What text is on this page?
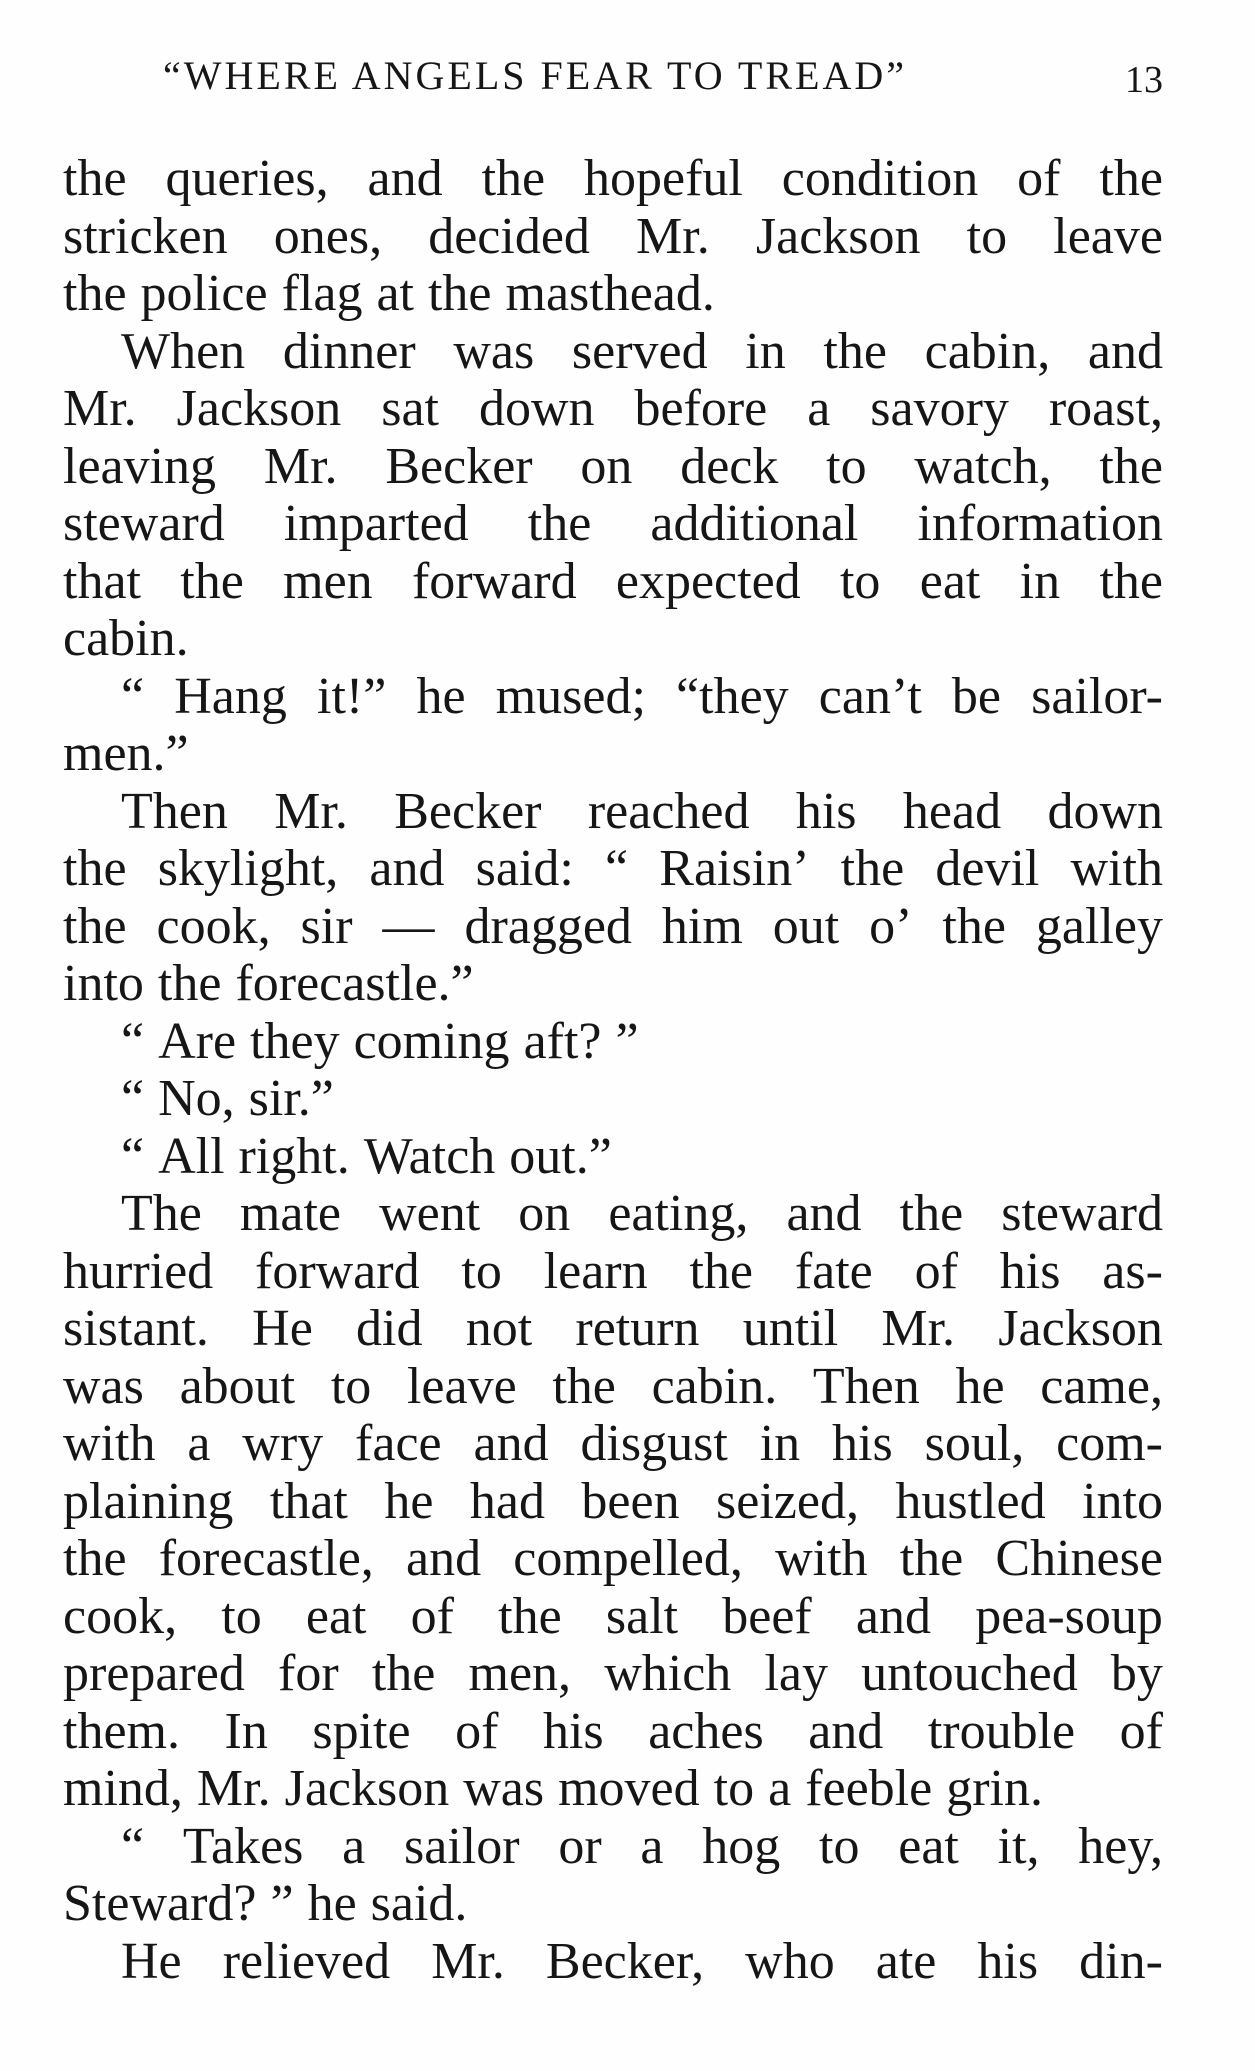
“WHERE ANGELS FEAR TO TREAD”	13
the queries, and the hopeful condition of the
stricken ones, decided Mr. Jackson to leave
the police flag at the masthead.
When dinner was served in the cabin, and
Mr. Jackson sat down before a savory roast,
leaving Mr. Becker on deck to watch, the
steward imparted the additional information
that the men forward expected to eat in the
cabin.
“ Hang it!” he mused; “they can’t be sailor-
men.”
Then Mr. Becker reached his head down
the skylight, and said: “ Raisin’ the devil with
the cook, sir — dragged him out o’ the galley
into the forecastle.”
“ Are they coming aft? ”
“ No, sir.”
“ All right. Watch out.”
The mate went on eating, and the steward
hurried forward to learn the fate of his as-
sistant. He did not return until Mr. Jackson
was about to leave the cabin. Then he came,
with a wry face and disgust in his soul, com-
plaining that he had been seized, hustled into
the forecastle, and compelled, with the Chinese
cook, to eat of the salt beef and pea-soup
prepared for the men, which lay untouched by
them. In spite of his aches and trouble of
mind, Mr. Jackson was moved to a feeble grin.
“ Takes a sailor or a hog to eat it, hey,
Steward? ” he said.
He relieved Mr. Becker, who ate his din-
